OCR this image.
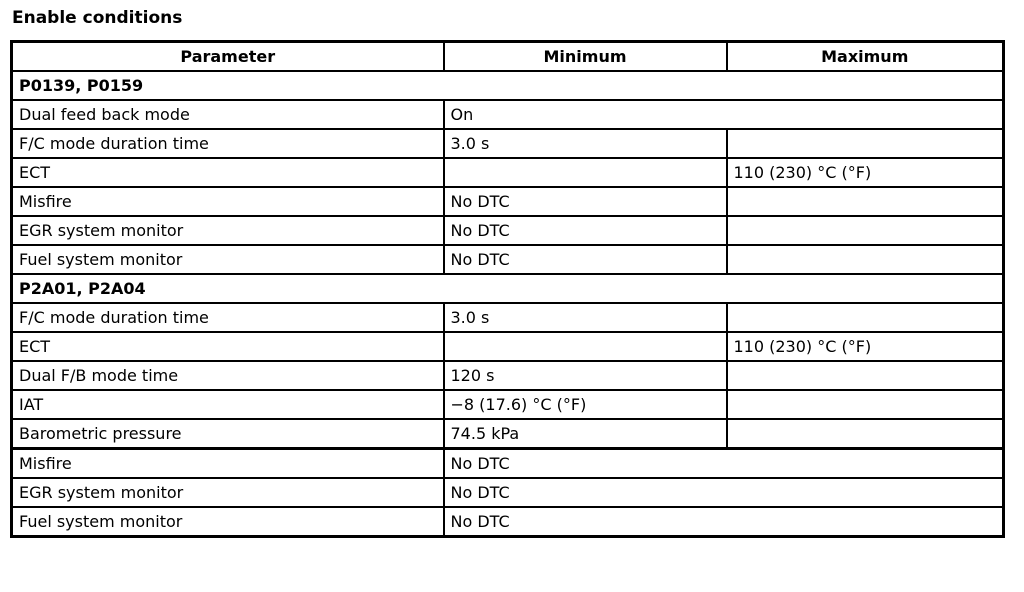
Enable conditions
Parameter	Minimum	Maximum
P0139, P0159		
Dual feed back mode	On	
F/C mode duration time	3.0 s	
ECT		110 (230) °C (°F)
Misfire	No DTC	
EGR system monitor	No DTC	
Fuel system monitor	No DTC	
P2A01, P2A04		
F/C mode duration time	3.0 s	
ECT		110 (230) °C (°F)
Dual F/B mode time	120 s	
IAT	−8 (17.6) °C (°F)	
Barometric pressure	74.5 kPa	
Misfire	No DTC	
EGR system monitor	No DTC	
Fuel system monitor	No DTC	
